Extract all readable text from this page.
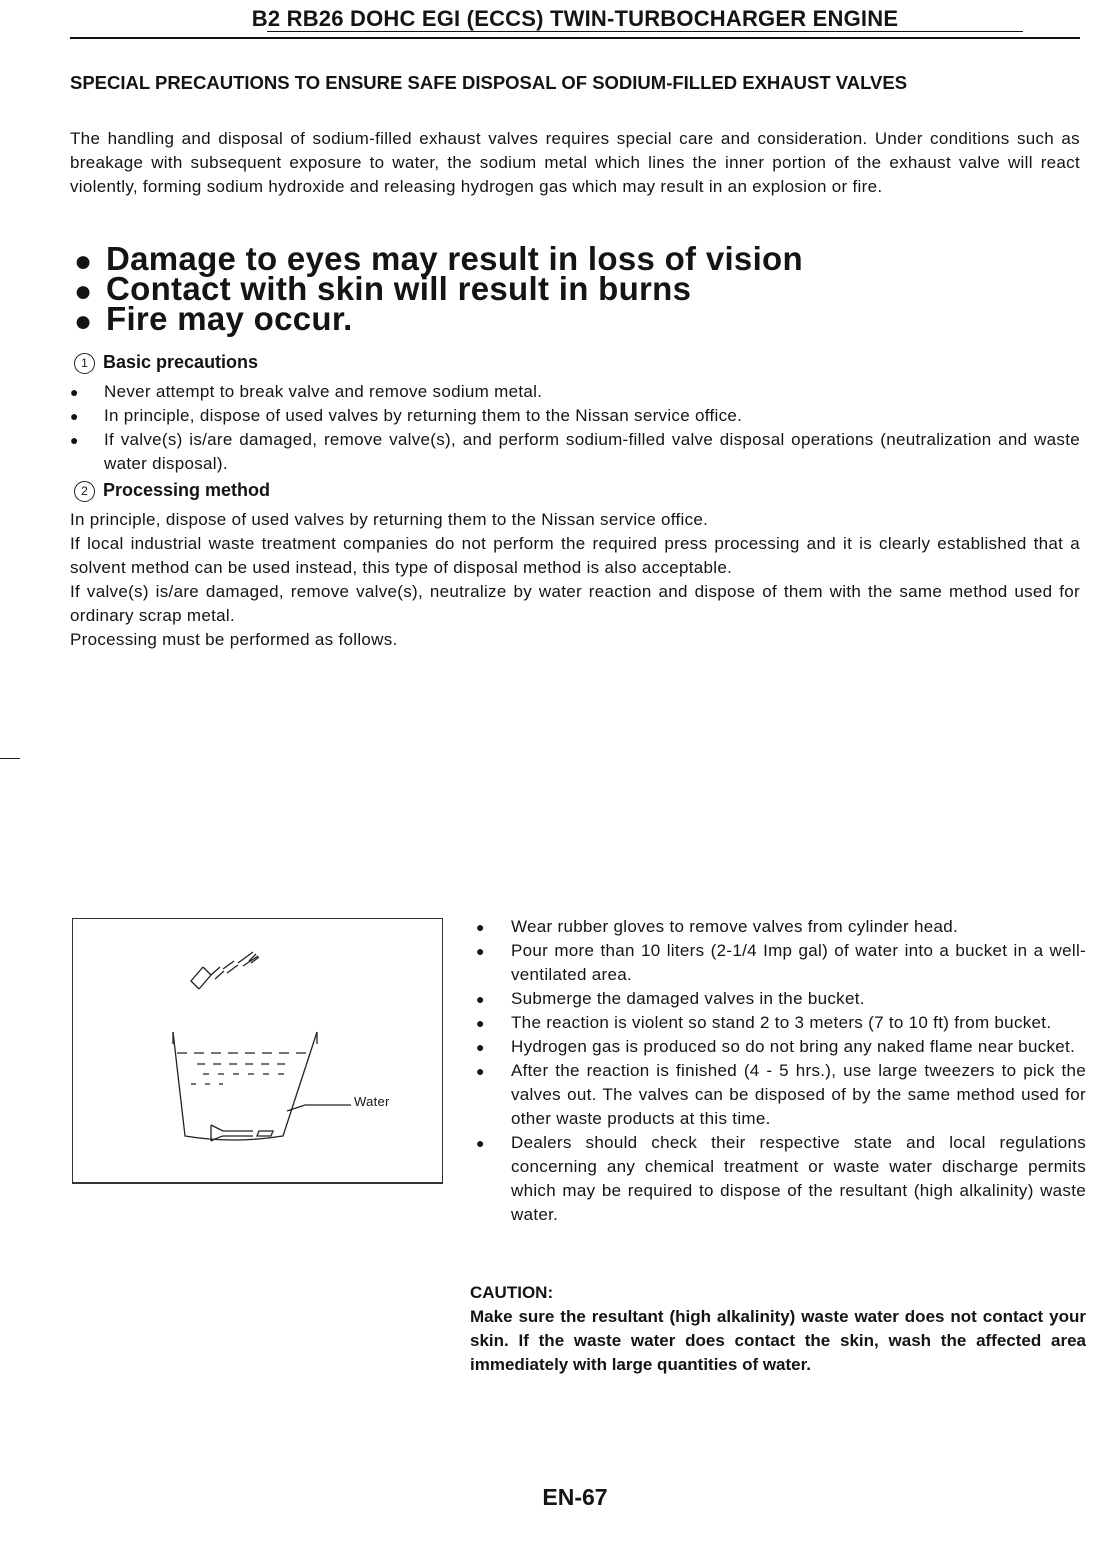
B2 RB26 DOHC EGI (ECCS) TWIN-TURBOCHARGER ENGINE
SPECIAL PRECAUTIONS TO ENSURE SAFE DISPOSAL OF SODIUM-FILLED EXHAUST VALVES
The handling and disposal of sodium-filled exhaust valves requires special care and consideration. Under conditions such as breakage with subsequent exposure to water, the sodium metal which lines the inner portion of the exhaust valve will react violently, forming sodium hydroxide and releasing hydrogen gas which may result in an explosion or fire.
● Damage to eyes may result in loss of vision
● Contact with skin will result in burns
● Fire may occur.
1 Basic precautions
● Never attempt to break valve and remove sodium metal.
● In principle, dispose of used valves by returning them to the Nissan service office.
● If valve(s) is/are damaged, remove valve(s), and perform sodium-filled valve disposal operations (neutralization and waste water disposal).
2 Processing method
In principle, dispose of used valves by returning them to the Nissan service office.
If local industrial waste treatment companies do not perform the required press processing and it is clearly established that a solvent method can be used instead, this type of disposal method is also acceptable.
If valve(s) is/are damaged, remove valve(s), neutralize by water reaction and dispose of them with the same method used for ordinary scrap metal.
Processing must be performed as follows.
Water
● Wear rubber gloves to remove valves from cylinder head.
● Pour more than 10 liters (2-1/4 Imp gal) of water into a bucket in a well-ventilated area.
● Submerge the damaged valves in the bucket.
● The reaction is violent so stand 2 to 3 meters (7 to 10 ft) from bucket.
● Hydrogen gas is produced so do not bring any naked flame near bucket.
● After the reaction is finished (4 - 5 hrs.), use large tweezers to pick the valves out. The valves can be disposed of by the same method used for other waste products at this time.
● Dealers should check their respective state and local regulations concerning any chemical treatment or waste water discharge permits which may be required to dispose of the resultant (high alkalinity) waste water.
CAUTION:
Make sure the resultant (high alkalinity) waste water does not contact your skin. If the waste water does contact the skin, wash the affected area immediately with large quantities of water.
EN-67
